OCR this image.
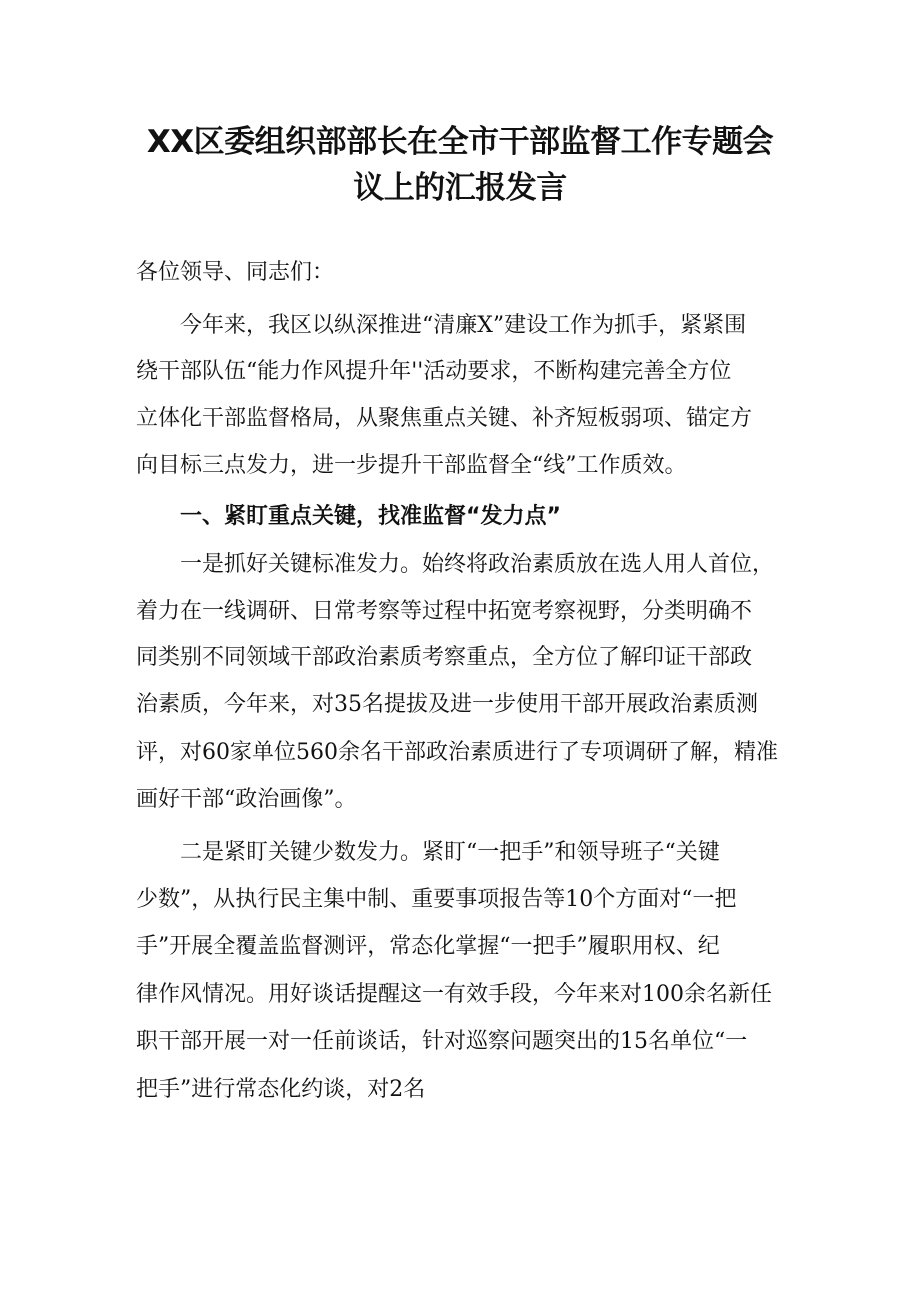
XX区委组织部部长在全市干部监督工作专题会
议上的汇报发言
各位领导、同志们：
今年来，我区以纵深推进“清廉X”建设工作为抓手，紧紧围
绕干部队伍“能力作风提升年''活动要求，不断构建完善全方位
立体化干部监督格局，从聚焦重点关键、补齐短板弱项、锚定方
向目标三点发力，进一步提升干部监督全“线”工作质效。
一、紧盯重点关键，找准监督“发力点”
一是抓好关键标准发力。始终将政治素质放在选人用人首位，
着力在一线调研、日常考察等过程中拓宽考察视野，分类明确不
同类别不同领域干部政治素质考察重点，全方位了解印证干部政
治素质，今年来，对35名提拔及进一步使用干部开展政治素质测
评，对60家单位560余名干部政治素质进行了专项调研了解，精准
画好干部“政治画像”。
二是紧盯关键少数发力。紧盯“一把手”和领导班子“关键
少数”，从执行民主集中制、重要事项报告等10个方面对“一把
手”开展全覆盖监督测评，常态化掌握“一把手”履职用权、纪
律作风情况。用好谈话提醒这一有效手段，今年来对100余名新任
职干部开展一对一任前谈话，针对巡察问题突出的15名单位“一
把手”进行常态化约谈，对2名
